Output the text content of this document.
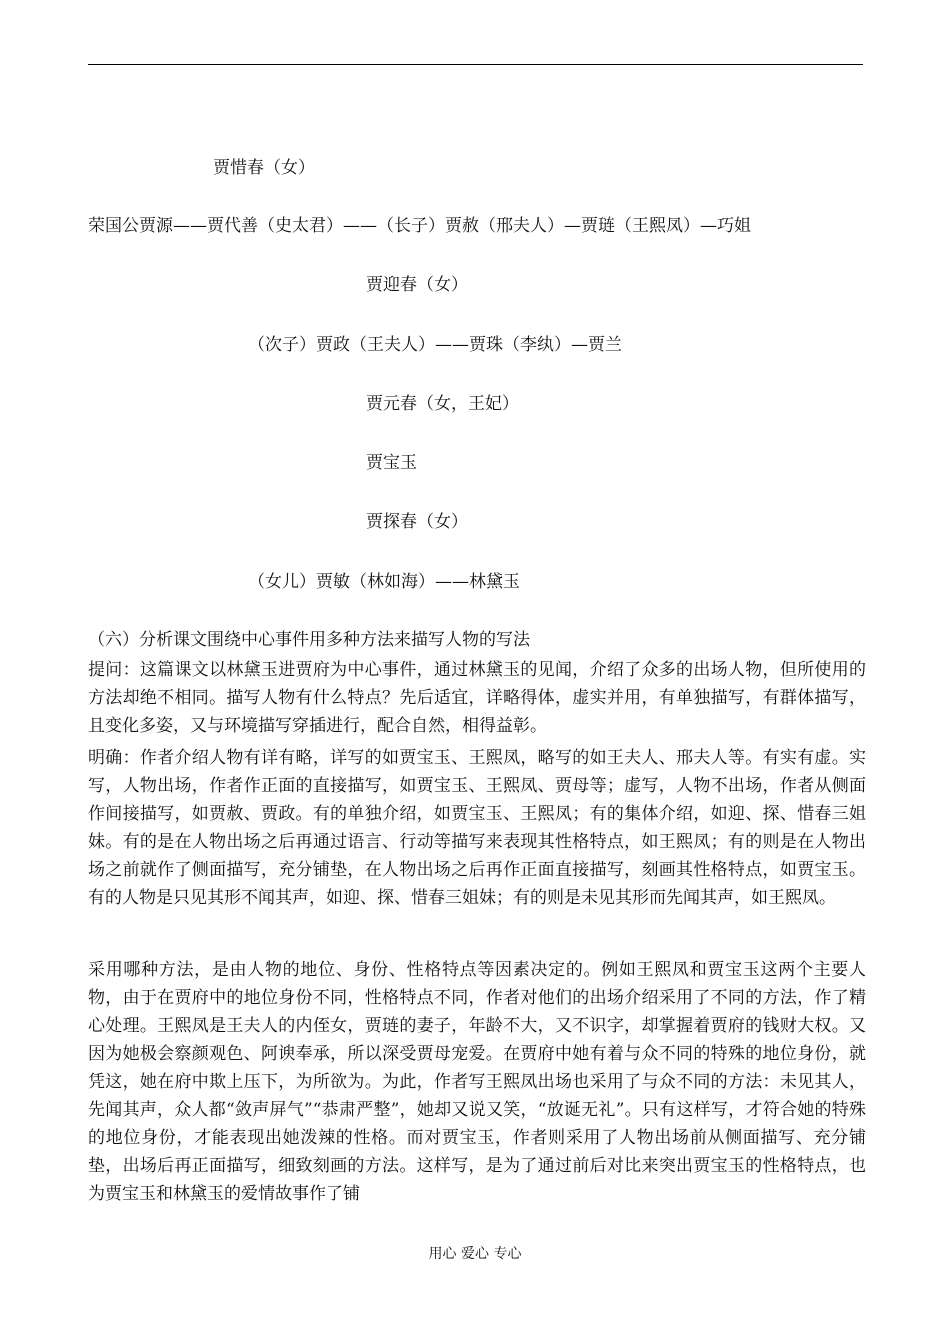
贾惜春（女）
荣国公贾源——贾代善（史太君）——（长子）贾赦（邢夫人）—贾琏（王熙凤）—巧姐
贾迎春（女）
（次子）贾政（王夫人）——贾珠（李纨）—贾兰
贾元春（女，王妃）
贾宝玉
贾探春（女）
（女儿）贾敏（林如海）——林黛玉
（六）分析课文围绕中心事件用多种方法来描写人物的写法
提问：这篇课文以林黛玉进贾府为中心事件，通过林黛玉的见闻，介绍了众多的出场人物，但所使用的方法却绝不相同。描写人物有什么特点？先后适宜，详略得体，虚实并用，有单独描写，有群体描写，且变化多姿，又与环境描写穿插进行，配合自然，相得益彰。
明确：作者介绍人物有详有略，详写的如贾宝玉、王熙凤，略写的如王夫人、邢夫人等。有实有虚。实写，人物出场，作者作正面的直接描写，如贾宝玉、王熙凤、贾母等；虚写，人物不出场，作者从侧面作间接描写，如贾赦、贾政。有的单独介绍，如贾宝玉、王熙凤；有的集体介绍，如迎、探、惜春三姐妹。有的是在人物出场之后再通过语言、行动等描写来表现其性格特点，如王熙凤；有的则是在人物出场之前就作了侧面描写，充分铺垫，在人物出场之后再作正面直接描写，刻画其性格特点，如贾宝玉。有的人物是只见其形不闻其声，如迎、探、惜春三姐妹；有的则是未见其形而先闻其声，如王熙凤。
采用哪种方法，是由人物的地位、身份、性格特点等因素决定的。例如王熙凤和贾宝玉这两个主要人物，由于在贾府中的地位身份不同，性格特点不同，作者对他们的出场介绍采用了不同的方法，作了精心处理。王熙凤是王夫人的内侄女，贾琏的妻子，年龄不大，又不识字，却掌握着贾府的钱财大权。又因为她极会察颜观色、阿谀奉承，所以深受贾母宠爱。在贾府中她有着与众不同的特殊的地位身份，就凭这，她在府中欺上压下，为所欲为。为此，作者写王熙凤出场也采用了与众不同的方法：未见其人，先闻其声，众人都“敛声屏气”“恭肃严整”，她却又说又笑，“放诞无礼”。只有这样写，才符合她的特殊的地位身份，才能表现出她泼辣的性格。而对贾宝玉，作者则采用了人物出场前从侧面描写、充分铺垫，出场后再正面描写，细致刻画的方法。这样写，是为了通过前后对比来突出贾宝玉的性格特点，也为贾宝玉和林黛玉的爱情故事作了铺
用心 爱心 专心
